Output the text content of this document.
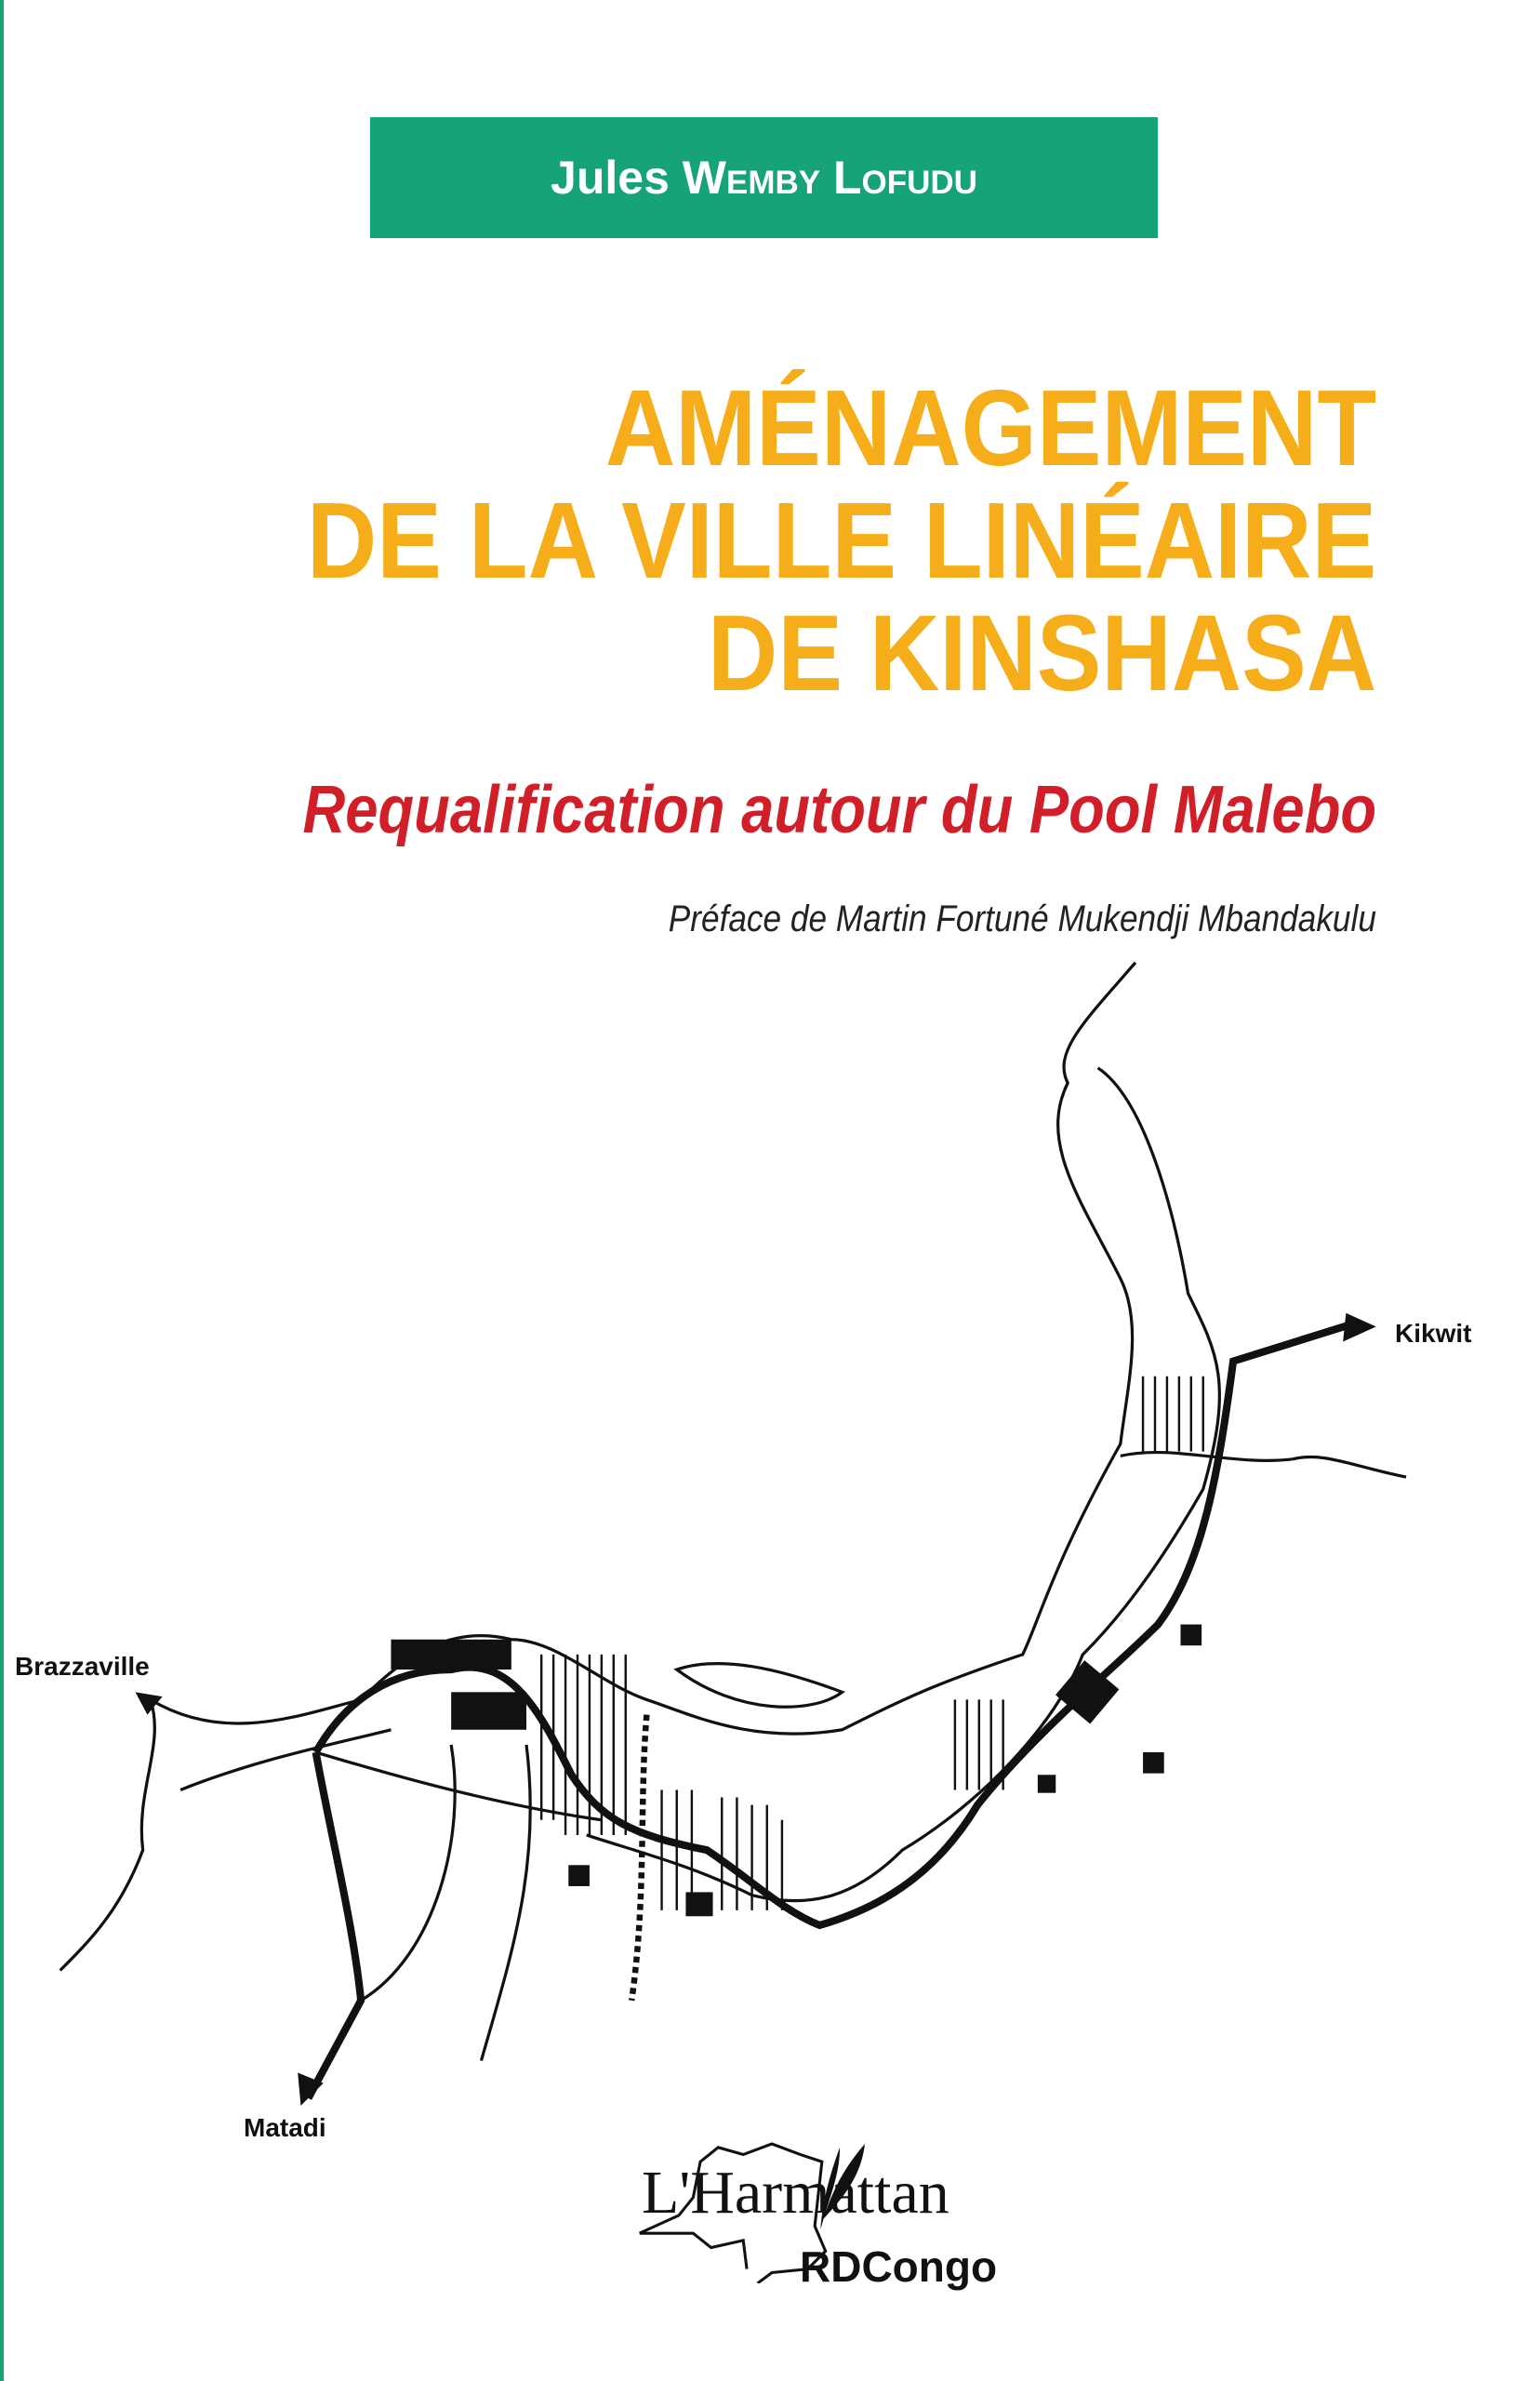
Jules Wemby Lofudu
AMÉNAGEMENT
DE LA VILLE LINÉAIRE
DE KINSHASA
Requalification autour du Pool Malebo
Préface de Martin Fortuné Mukendji Mbandakulu
Kikwit
Brazzaville
Matadi
L'Harmattan
RDCongo
